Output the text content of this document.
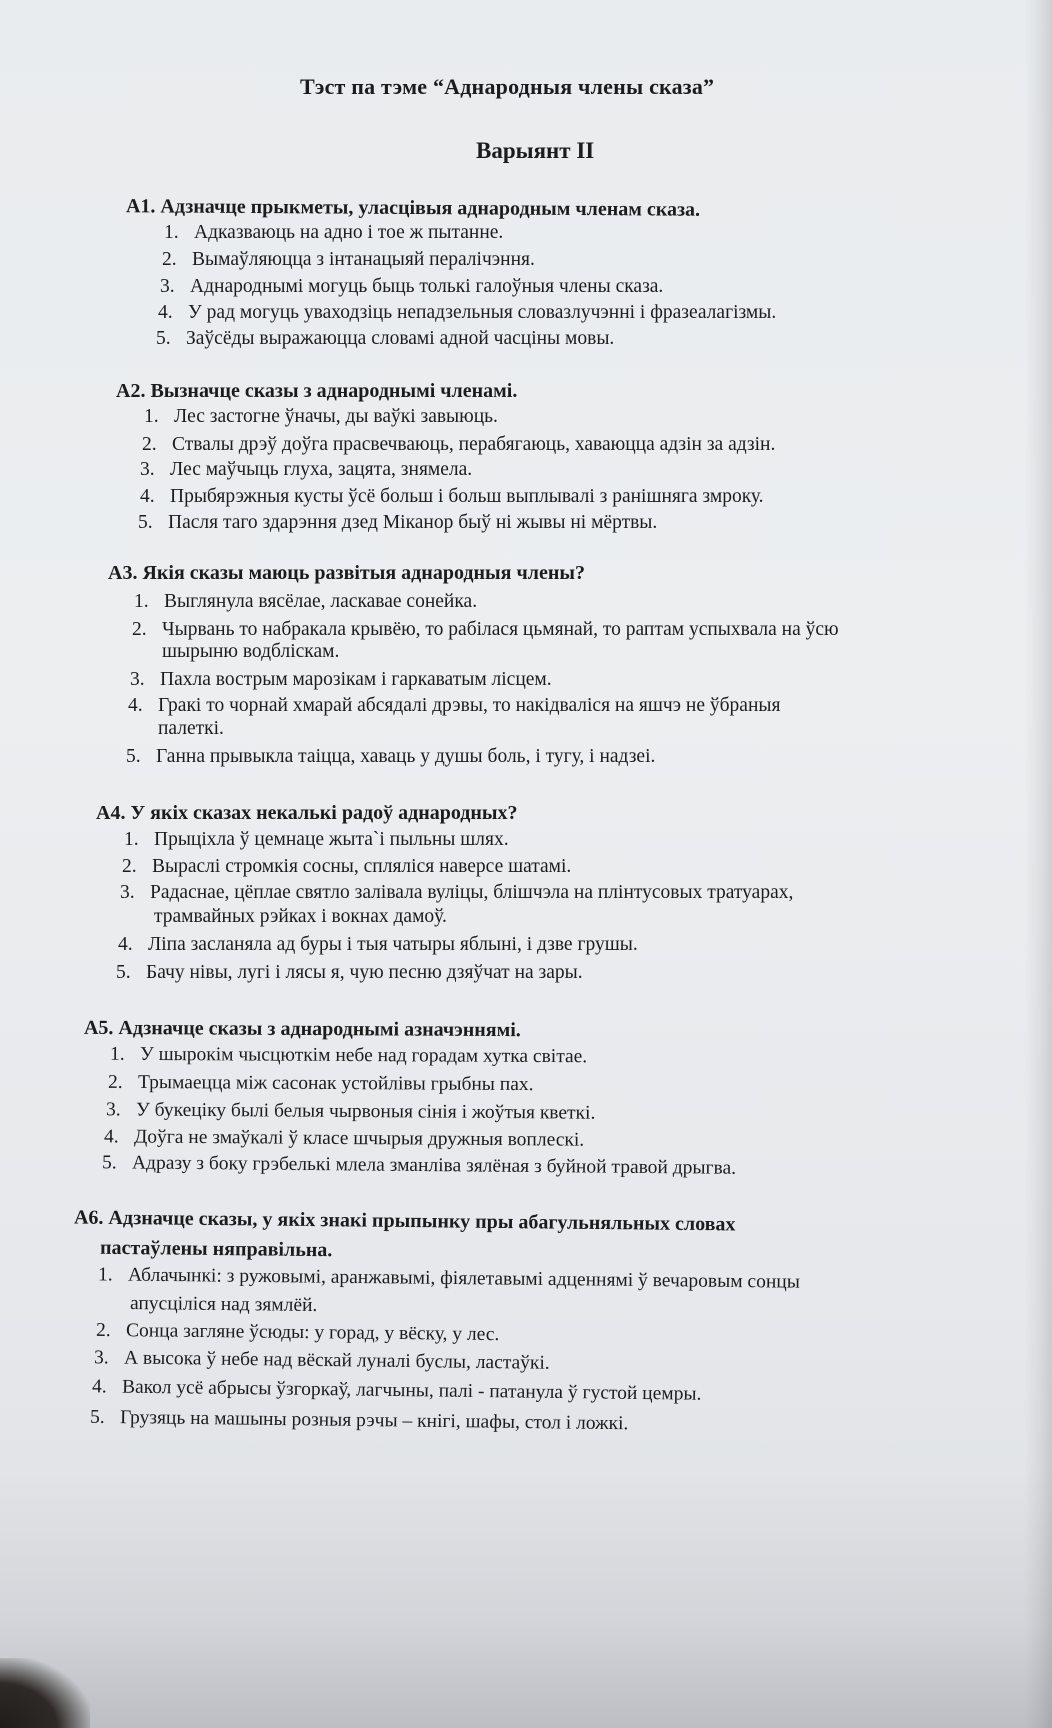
Тэст па тэме “Аднародныя члены сказа”
Варыянт ІІ
А1. Адзначце прыкметы, уласцівыя аднародным членам сказа.
1. Адказваюць на адно і тое ж пытанне.
2. Вымаўляюцца з інтанацыяй пералічэння.
3. Аднароднымі могуць быць толькі галоўныя члены сказа.
4. У рад могуць уваходзіць непадзельныя словазлучэнні і фразеалагізмы.
5. Заўсёды выражаюцца словамі адной часціны мовы.
А2. Вызначце сказы з аднароднымі членамі.
1. Лес застогне ўначы, ды ваўкі завыюць.
2. Ствалы дрэў доўга прасвечваюць, перабягаюць, хаваюцца адзін за адзін.
3. Лес маўчыць глуха, зацята, знямела.
4. Прыбярэжныя кусты ўсё больш і больш выплывалі з ранішняга змроку.
5. Пасля таго здарэння дзед Міканор быў ні жывы ні мёртвы.
А3. Якія сказы маюць развітыя аднародныя члены?
1. Выглянула вясёлае, ласкавае сонейка.
2. Чырвань то набракала крывёю, то рабілася цьмянай, то раптам успыхвала на ўсю
шырыню водблiскам.
3. Пахла вострым марозікам і гаркаватым лісцем.
4. Гракі то чорнай хмарай абсядалі дрэвы, то накідваліся на яшчэ не ўбраныя
палеткі.
5. Ганна прывыкла таіцца, хаваць у душы боль, і тугу, і надзеі.
А4. У якіх сказах некалькі радоў аднародных?
1. Прыціхла ў цемнаце жыта`і пыльны шлях.
2. Выраслі стромкія сосны, спляліся наверсе шатамі.
3. Радаснае, цёплае святло залівала вуліцы, блішчэла на плінтусовых тратуарах,
трамвайных рэйках і вокнах дамоў.
4. Ліпа засланяла ад буры і тыя чатыры яблыні, і дзве грушы.
5. Бачу нівы, лугі і лясы я, чую песню дзяўчат на зары.
А5. Адзначце сказы з аднароднымі азначэннямі.
1. У шырокім чысцюткім небе над горадам хутка світае.
2. Трымаецца між сасонак устойлівы грыбны пах.
3. У букецiку былі белыя чырвоныя сінія і жоўтыя кветкі.
4. Доўга не змаўкалі ў класе шчырыя дружныя воплескі.
5. Адразу з боку грэбелькі млела зманліва зялёная з буйной травой дрыгва.
А6. Адзначце сказы, у якіх знакі прыпынку пры абагульняльных словах
пастаўлены няправільна.
1. Аблачынкі: з ружовымі, аранжавымі, фіялетавымі адценнямі ў вечаровым сонцы
апусціліся над зямлёй.
2. Сонца загляне ўсюды: у горад, у вёску, у лес.
3. А высока ў небе над вёскай луналі буслы, ластаўкі.
4. Вакол усё абрысы ўзгоркаў, лагчыны, палі - патанула ў густой цемры.
5. Грузяць на машыны розныя рэчы – кнігі, шафы, стол і ложкі.
